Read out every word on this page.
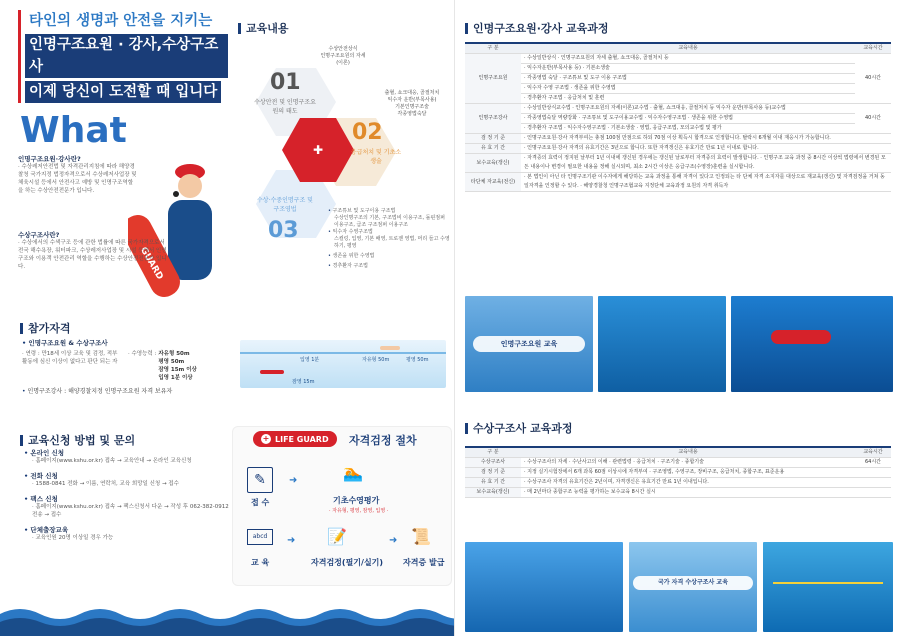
타인의 생명과 안전을 지키는 인명구조요원 · 강사,수상구조사 이제 당신이 도전할 때 입니다
What
GUARD
인명구조요원·강사란?
· 수상레저안전법 및 자격관리지침에 따라 해양경찰청 국가지정 법정자격으로서 수상레저사업장 및 체육시설 등에서 안전사고 예방 및 인명구조역할을 하는 수상안전전문가 입니다.
수상구조사란?
· 수상에서의 수색구조 등에 관한 법률에 따른 국가자격으로서 전국 해수욕장, 워터파크, 수상레저사업장 및 시설 등에서 인명구조와 이용객 안전관리 역할을 수행하는 수상안전전문가 입니다.
참가자격
• 인명구조요원 & 수상구조사
· 연령 : 만18세 이상 교육 및 검정, 적부 활동에 심신 이상이 없다고 판단 되는 자
· 수영능력 : 자유형 50m
평영 50m
잠영 15m 이상
입영 1분 이상
• 인명구조강사 : 해양경찰지정 인명구조요원 자격 보유자
교육신청 방법 및 문의
• 온라인 신청
· 홈페이지(www.kshu.or.kr) 접속 → 교육안내 → 온라인 교육신청
• 전화 신청
· 1588-0841 전화 → 이름, 연락처, 교육 희망일 신청 → 접수
• 팩스 신청
· 홈페이지(www.kshu.or.kr) 접속 → 팩스신청서 다운 → 작성 후 062-382-0912 전송 → 접수
• 단체출장교육
· 교육인원 20명 이상일 경우 가능
교육내용
✚
01
수상안전 및 인명구조요원의 태도
수상안전상식
인명구조요원의 자세
(이론)
02
응급처치 및 기초소생술
출혈, 쇼크대응, 골절처치
익수자 운반(부목사용)
기본인명구조술
각종영법숙달
03
수상·수중인명구조 및 구조영법	• 구조튜브 및 도구이용 구조법
수상인명구조의 기본, 구조법비 이용구조, 돌핀점퍼 이용구조, 급조 구조점퍼 이용구조
• 익수자 수영구조법
스컬링, 입영, 기본 배영, 트로젠 영법, 머리 들고 수영하기, 평영
• 생존을 위한 수영법
• 경추환자 구조법
입영 1분	자유형 50m	평영 50m
잠영 15m
+ LIFE GUARD 자격검정 절차
✎
접 수
➜	🏊
기초수영평가
· 자유형, 평영, 잠영, 입영 ·
abcd
교 육
➜ 📝
자격검정(필기/실기)
➜ 📜
자격증 발급
인명구조요원·강사 교육과정
구 분	교육내용	교육시간
인명구조요원	· 수상일반상식 · 인명구조요원의 자세 출혈, 쇼크대응, 골절처치 등	40시간
	· 익수자운반(부목사용 등) · 기본소생술	
	· 각종영법 숙달 · 구조튜브 및 도구 이용 구조법	
	· 익수자 수영 구조법 · 생존을 위한 수영법	
	· 경추환자 구조법 · 응급처치 및 훈련	
인명구조강사	· 수상일반상식교수법 · 인명구조요원의 자세(이론)교수법 · 출혈, 쇼크대응, 골절처치 등 익수자 운반(부목사용 등)교수법	40시간
	· 각종영법숙달 역량강화 · 구조튜브 및 도구이용교수법 · 익수자수영구조법 · 생존을 위한 수영법	
	· 경추환자 구조법 · 익수자수영구조법 · 기본소생술 · 영법, 응급구조법, 모의교수법 및 평가	
검 정 기 준	· 인명구조요원·강사 자격부여는 총점 100점 만점으로 하되 70점 이상 획득시 합격으로 인정합니다. 탈락시 6개월 이내 재응시가 가능합니다.	
유 효 기 간	· 인명구조요원·강사 자격의 유효기간은 3년으로 합니다. 또한 자격갱신은 유효기간 만료 1년 이내로 합니다.	
보수교육(갱신)	· 자격증의 효력이 정지된 날부터 1년 이내에 갱신된 경우에는 갱신된 날로부터 자격증의 효력이 발생합니다. · 인명구조 교육 과정 중 8시간 이상씩 법령에서 변경된 모든 내용이나 변경이 필요한 내용을 정해 실시되며, 최소 2시간 이상은 응급구조(수영장)훈련을 실시합니다.	
타단체 자교육(전신)	· 본 법인이 아닌 타 인명구조기관 이수자에게 해당하는 교육 과정을 통해 자격이 있다고 인정되는 타 단체 자격 소지자를 대상으로 재교육(갱신) 및 자격검정을 거쳐 동일자격을 인정할 수 있다. · 해양경찰청 인명구조협교육 지정단체 교육과정 요원의 자격 취득자	
인명구조요원 교육
수상구조사 교육과정
구 분	교육내용	교육시간
수상구조사	· 수상구조사의 자세 · 수난사고의 이해 · 관련법령 · 응급처치 · 구조기술 · 종합기술	64시간
검 정 기 준	· 지정 실기시험장에서 6개 과목 60점 이상시에 자격부여 · 구조영법, 수영구조, 장비구조, 응급처치, 종합구조, 표준운용	
유 효 기 간	· 수상구조사 자격의 유효기간은 2년이며, 자격갱신은 유효기간 만료 1년 이내입니다.	
보수교육(갱신)	· 매 2년마다 종합구조 능력을 평가하는 보수교육 8시간 실시	
국가 자격 수상구조사 교육
